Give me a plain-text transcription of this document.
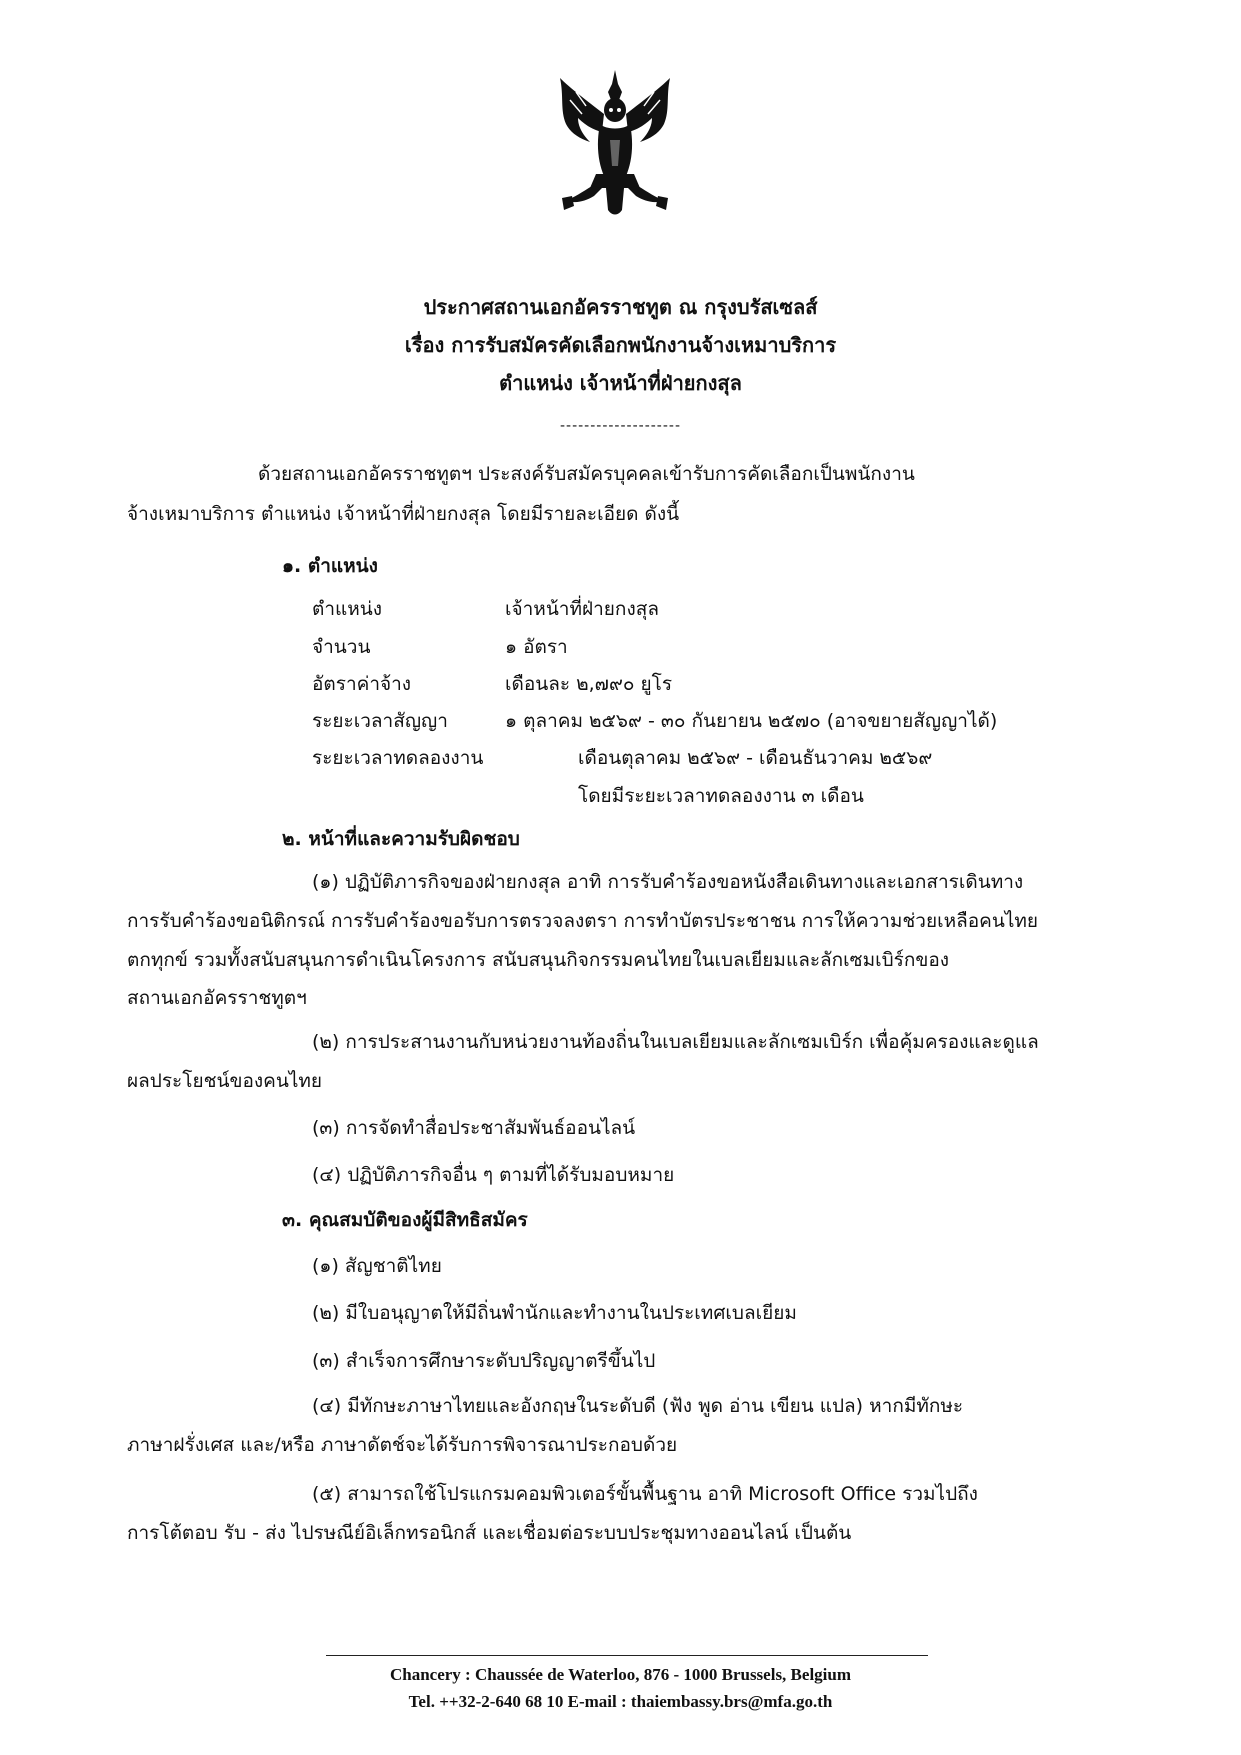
ประกาศสถานเอกอัครราชทูต ณ กรุงบรัสเซลส์
เรื่อง การรับสมัครคัดเลือกพนักงานจ้างเหมาบริการ
ตำแหน่ง เจ้าหน้าที่ฝ่ายกงสุล
--------------------
ด้วยสถานเอกอัครราชทูตฯ ประสงค์รับสมัครบุคคลเข้ารับการคัดเลือกเป็นพนักงาน
จ้างเหมาบริการ ตำแหน่ง เจ้าหน้าที่ฝ่ายกงสุล โดยมีรายละเอียด ดังนี้
๑. ตำแหน่ง
ตำแหน่ง	เจ้าหน้าที่ฝ่ายกงสุล
จำนวน	๑ อัตรา
อัตราค่าจ้าง	เดือนละ ๒,๗๙๐ ยูโร
ระยะเวลาสัญญา	๑ ตุลาคม ๒๕๖๙ - ๓๐ กันยายน ๒๕๗๐ (อาจขยายสัญญาได้)
ระยะเวลาทดลองงาน	เดือนตุลาคม ๒๕๖๙ - เดือนธันวาคม ๒๕๖๙
โดยมีระยะเวลาทดลองงาน ๓ เดือน
๒. หน้าที่และความรับผิดชอบ
(๑) ปฏิบัติภารกิจของฝ่ายกงสุล อาทิ การรับคำร้องขอหนังสือเดินทางและเอกสารเดินทาง
การรับคำร้องขอนิติกรณ์ การรับคำร้องขอรับการตรวจลงตรา การทำบัตรประชาชน การให้ความช่วยเหลือคนไทย
ตกทุกข์ รวมทั้งสนับสนุนการดำเนินโครงการ สนับสนุนกิจกรรมคนไทยในเบลเยียมและลักเซมเบิร์กของ
สถานเอกอัครราชทูตฯ
(๒) การประสานงานกับหน่วยงานท้องถิ่นในเบลเยียมและลักเซมเบิร์ก เพื่อคุ้มครองและดูแล
ผลประโยชน์ของคนไทย
(๓) การจัดทำสื่อประชาสัมพันธ์ออนไลน์
(๔) ปฏิบัติภารกิจอื่น ๆ ตามที่ได้รับมอบหมาย
๓. คุณสมบัติของผู้มีสิทธิสมัคร
(๑) สัญชาติไทย
(๒) มีใบอนุญาตให้มีถิ่นพำนักและทำงานในประเทศเบลเยียม
(๓) สำเร็จการศึกษาระดับปริญญาตรีขึ้นไป
(๔) มีทักษะภาษาไทยและอังกฤษในระดับดี (ฟัง พูด อ่าน เขียน แปล) หากมีทักษะ
ภาษาฝรั่งเศส และ/หรือ ภาษาดัตช์จะได้รับการพิจารณาประกอบด้วย
(๕) สามารถใช้โปรแกรมคอมพิวเตอร์ขั้นพื้นฐาน อาทิ Microsoft Office รวมไปถึง
การโต้ตอบ รับ - ส่ง ไปรษณีย์อิเล็กทรอนิกส์ และเชื่อมต่อระบบประชุมทางออนไลน์ เป็นต้น
Chancery : Chaussée de Waterloo, 876 - 1000 Brussels, Belgium
Tel. ++32-2-640 68 10 E-mail : thaiembassy.brs@mfa.go.th
